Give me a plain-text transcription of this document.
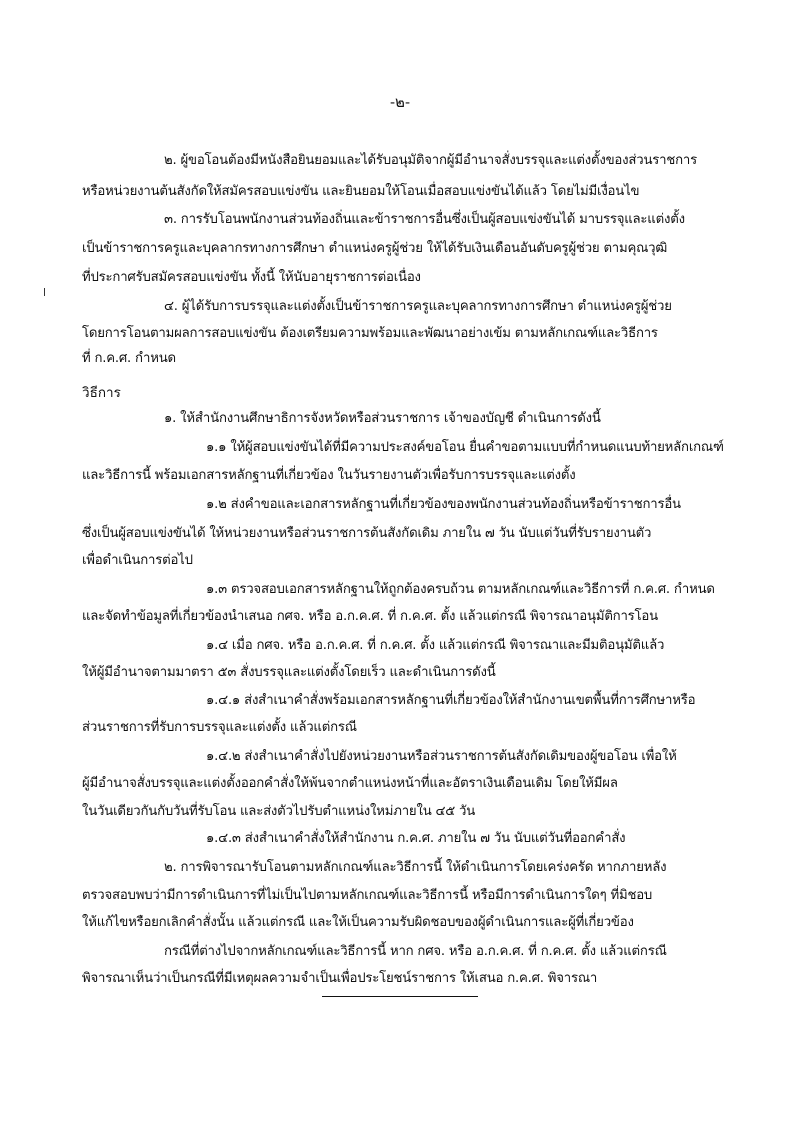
-๒-
๒. ผู้ขอโอนต้องมีหนังสือยินยอมและได้รับอนุมัติจากผู้มีอำนาจสั่งบรรจุและแต่งตั้งของส่วนราชการ
หรือหน่วยงานต้นสังกัดให้สมัครสอบแข่งขัน และยินยอมให้โอนเมื่อสอบแข่งขันได้แล้ว โดยไม่มีเงื่อนไข
๓. การรับโอนพนักงานส่วนท้องถิ่นและข้าราชการอื่นซึ่งเป็นผู้สอบแข่งขันได้ มาบรรจุและแต่งตั้ง
เป็นข้าราชการครูและบุคลากรทางการศึกษา ตำแหน่งครูผู้ช่วย ให้ได้รับเงินเดือนอันดับครูผู้ช่วย ตามคุณวุฒิ
ที่ประกาศรับสมัครสอบแข่งขัน ทั้งนี้ ให้นับอายุราชการต่อเนื่อง
๔. ผู้ได้รับการบรรจุและแต่งตั้งเป็นข้าราชการครูและบุคลากรทางการศึกษา ตำแหน่งครูผู้ช่วย
โดยการโอนตามผลการสอบแข่งขัน ต้องเตรียมความพร้อมและพัฒนาอย่างเข้ม ตามหลักเกณฑ์และวิธีการ
ที่ ก.ค.ศ. กำหนด
วิธีการ
๑. ให้สำนักงานศึกษาธิการจังหวัดหรือส่วนราชการ เจ้าของบัญชี ดำเนินการดังนี้
๑.๑ ให้ผู้สอบแข่งขันได้ที่มีความประสงค์ขอโอน ยื่นคำขอตามแบบที่กำหนดแนบท้ายหลักเกณฑ์
และวิธีการนี้ พร้อมเอกสารหลักฐานที่เกี่ยวข้อง ในวันรายงานตัวเพื่อรับการบรรจุและแต่งตั้ง
๑.๒ ส่งคำขอและเอกสารหลักฐานที่เกี่ยวข้องของพนักงานส่วนท้องถิ่นหรือข้าราชการอื่น
ซึ่งเป็นผู้สอบแข่งขันได้ ให้หน่วยงานหรือส่วนราชการต้นสังกัดเดิม ภายใน ๗ วัน นับแต่วันที่รับรายงานตัว
เพื่อดำเนินการต่อไป
๑.๓ ตรวจสอบเอกสารหลักฐานให้ถูกต้องครบถ้วน ตามหลักเกณฑ์และวิธีการที่ ก.ค.ศ. กำหนด
และจัดทำข้อมูลที่เกี่ยวข้องนำเสนอ กศจ. หรือ อ.ก.ค.ศ. ที่ ก.ค.ศ. ตั้ง แล้วแต่กรณี พิจารณาอนุมัติการโอน
๑.๔ เมื่อ กศจ. หรือ อ.ก.ค.ศ. ที่ ก.ค.ศ. ตั้ง แล้วแต่กรณี พิจารณาและมีมติอนุมัติแล้ว
ให้ผู้มีอำนาจตามมาตรา ๕๓ สั่งบรรจุและแต่งตั้งโดยเร็ว และดำเนินการดังนี้
๑.๔.๑ ส่งสำเนาคำสั่งพร้อมเอกสารหลักฐานที่เกี่ยวข้องให้สำนักงานเขตพื้นที่การศึกษาหรือ
ส่วนราชการที่รับการบรรจุและแต่งตั้ง แล้วแต่กรณี
๑.๔.๒ ส่งสำเนาคำสั่งไปยังหน่วยงานหรือส่วนราชการต้นสังกัดเดิมของผู้ขอโอน เพื่อให้
ผู้มีอำนาจสั่งบรรจุและแต่งตั้งออกคำสั่งให้พ้นจากตำแหน่งหน้าที่และอัตราเงินเดือนเดิม โดยให้มีผล
ในวันเดียวกันกับวันที่รับโอน และส่งตัวไปรับตำแหน่งใหม่ภายใน ๔๕ วัน
๑.๔.๓ ส่งสำเนาคำสั่งให้สำนักงาน ก.ค.ศ. ภายใน ๗ วัน นับแต่วันที่ออกคำสั่ง
๒. การพิจารณารับโอนตามหลักเกณฑ์และวิธีการนี้ ให้ดำเนินการโดยเคร่งครัด หากภายหลัง
ตรวจสอบพบว่ามีการดำเนินการที่ไม่เป็นไปตามหลักเกณฑ์และวิธีการนี้ หรือมีการดำเนินการใดๆ ที่มิชอบ
ให้แก้ไขหรือยกเลิกคำสั่งนั้น แล้วแต่กรณี และให้เป็นความรับผิดชอบของผู้ดำเนินการและผู้ที่เกี่ยวข้อง
กรณีที่ต่างไปจากหลักเกณฑ์และวิธีการนี้ หาก กศจ. หรือ อ.ก.ค.ศ. ที่ ก.ค.ศ. ตั้ง แล้วแต่กรณี
พิจารณาเห็นว่าเป็นกรณีที่มีเหตุผลความจำเป็นเพื่อประโยชน์ราชการ ให้เสนอ ก.ค.ศ. พิจารณา
